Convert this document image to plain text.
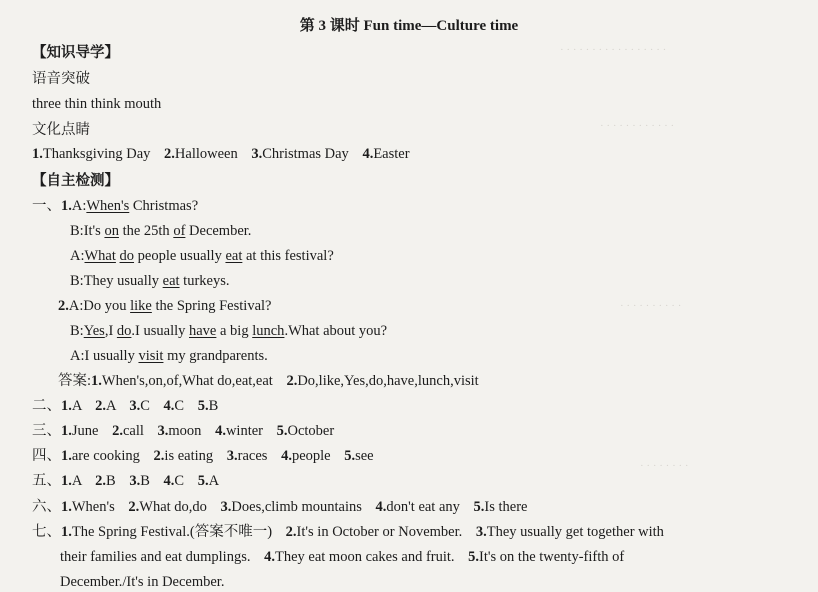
第 3 课时 Fun time—Culture time
· · · · · · · · · · · · · · · · ·
· · · · · · · · · · · ·
· · · · · · · · · ·
· · · · · · · ·
【知识导学】
语音突破
three thin think mouth
文化点睛
1.Thanksgiving Day 2.Halloween 3.Christmas Day 4.Easter
【自主检测】
一、1.A:When's Christmas?
B:It's on the 25th of December.
A:What do people usually eat at this festival?
B:They usually eat turkeys.
2.A:Do you like the Spring Festival?
B:Yes,I do.I usually have a big lunch.What about you?
A:I usually visit my grandparents.
答案:1.When's,on,of,What do,eat,eat 2.Do,like,Yes,do,have,lunch,visit
二、1.A 2.A 3.C 4.C 5.B
三、1.June 2.call 3.moon 4.winter 5.October
四、1.are cooking 2.is eating 3.races 4.people 5.see
五、1.A 2.B 3.B 4.C 5.A
六、1.When's 2.What do,do 3.Does,climb mountains 4.don't eat any 5.Is there
七、1.The Spring Festival.(答案不唯一) 2.It's in October or November. 3.They usually get together with
their families and eat dumplings. 4.They eat moon cakes and fruit. 5.It's on the twenty-fifth of
December./It's in December.
